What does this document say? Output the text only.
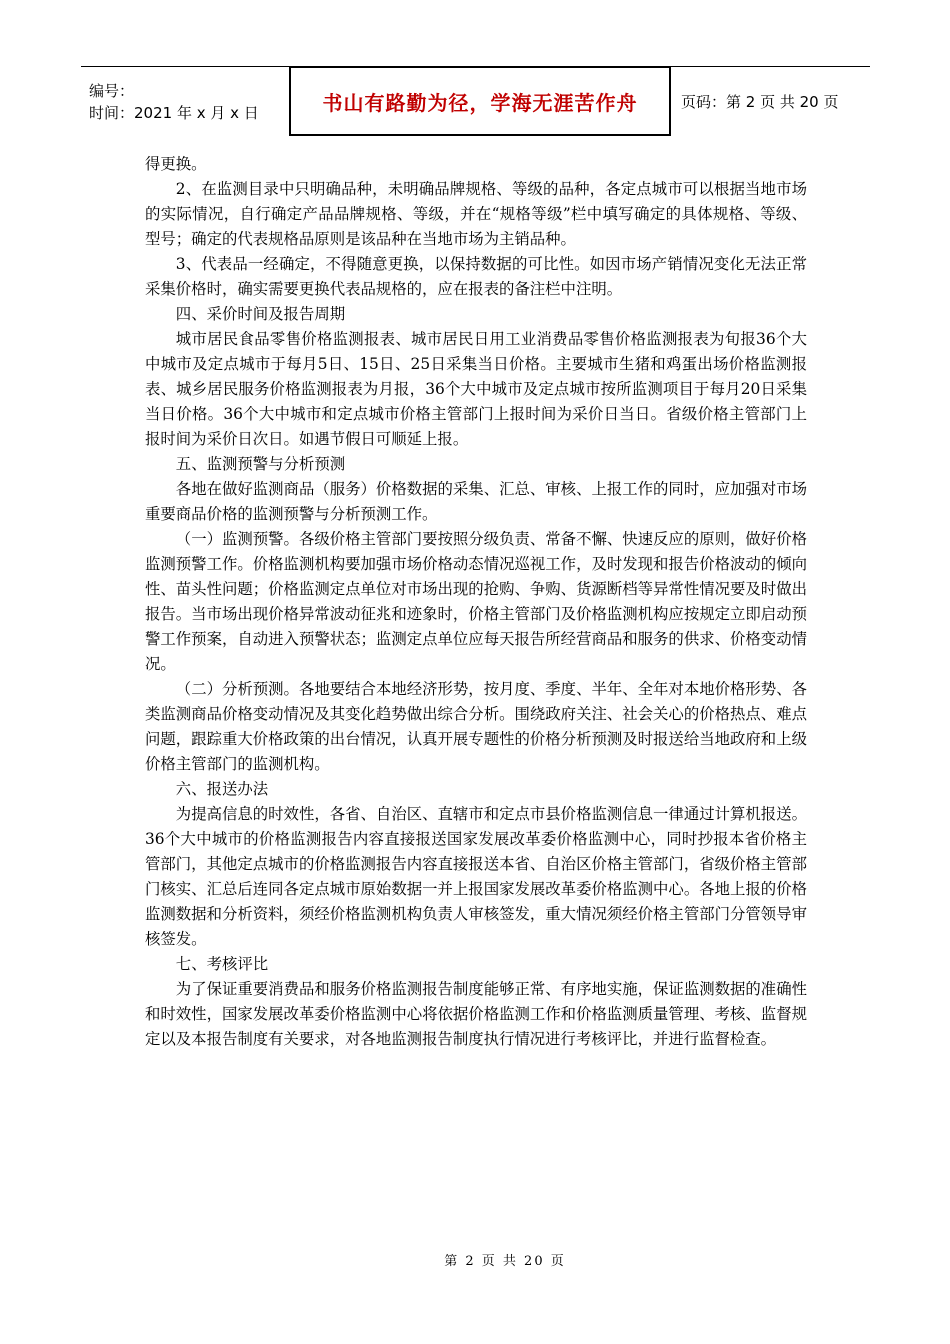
编号：
时间：2021 年 x 月 x 日	书山有路勤为径，学海无涯苦作舟	页码：第 2 页 共 20 页

得更换。

2、在监测目录中只明确品种，未明确品牌规格、等级的品种，各定点城市可以根据当地市场的实际情况，自行确定产品品牌规格、等级，并在“规格等级”栏中填写确定的具体规格、等级、型号；确定的代表规格品原则是该品种在当地市场为主销品种。

3、代表品一经确定，不得随意更换，以保持数据的可比性。如因市场产销情况变化无法正常采集价格时，确实需要更换代表品规格的，应在报表的备注栏中注明。

四、采价时间及报告周期

城市居民食品零售价格监测报表、城市居民日用工业消费品零售价格监测报表为旬报36个大中城市及定点城市于每月5日、15日、25日采集当日价格。主要城市生猪和鸡蛋出场价格监测报表、城乡居民服务价格监测报表为月报，36个大中城市及定点城市按所监测项目于每月20日采集当日价格。36个大中城市和定点城市价格主管部门上报时间为采价日当日。省级价格主管部门上报时间为采价日次日。如遇节假日可顺延上报。

五、监测预警与分析预测

各地在做好监测商品（服务）价格数据的采集、汇总、审核、上报工作的同时，应加强对市场重要商品价格的监测预警与分析预测工作。

（一）监测预警。各级价格主管部门要按照分级负责、常备不懈、快速反应的原则，做好价格监测预警工作。价格监测机构要加强市场价格动态情况巡视工作，及时发现和报告价格波动的倾向性、苗头性问题；价格监测定点单位对市场出现的抢购、争购、货源断档等异常性情况要及时做出报告。当市场出现价格异常波动征兆和迹象时，价格主管部门及价格监测机构应按规定立即启动预警工作预案，自动进入预警状态；监测定点单位应每天报告所经营商品和服务的供求、价格变动情况。

（二）分析预测。各地要结合本地经济形势，按月度、季度、半年、全年对本地价格形势、各类监测商品价格变动情况及其变化趋势做出综合分析。围绕政府关注、社会关心的价格热点、难点问题，跟踪重大价格政策的出台情况，认真开展专题性的价格分析预测及时报送给当地政府和上级价格主管部门的监测机构。

六、报送办法

为提高信息的时效性，各省、自治区、直辖市和定点市县价格监测信息一律通过计算机报送。36个大中城市的价格监测报告内容直接报送国家发展改革委价格监测中心，同时抄报本省价格主管部门，其他定点城市的价格监测报告内容直接报送本省、自治区价格主管部门，省级价格主管部门核实、汇总后连同各定点城市原始数据一并上报国家发展改革委价格监测中心。各地上报的价格监测数据和分析资料，须经价格监测机构负责人审核签发，重大情况须经价格主管部门分管领导审核签发。

七、考核评比

为了保证重要消费品和服务价格监测报告制度能够正常、有序地实施，保证监测数据的准确性和时效性，国家发展改革委价格监测中心将依据价格监测工作和价格监测质量管理、考核、监督规定以及本报告制度有关要求，对各地监测报告制度执行情况进行考核评比，并进行监督检查。

第 2 页 共 20 页
